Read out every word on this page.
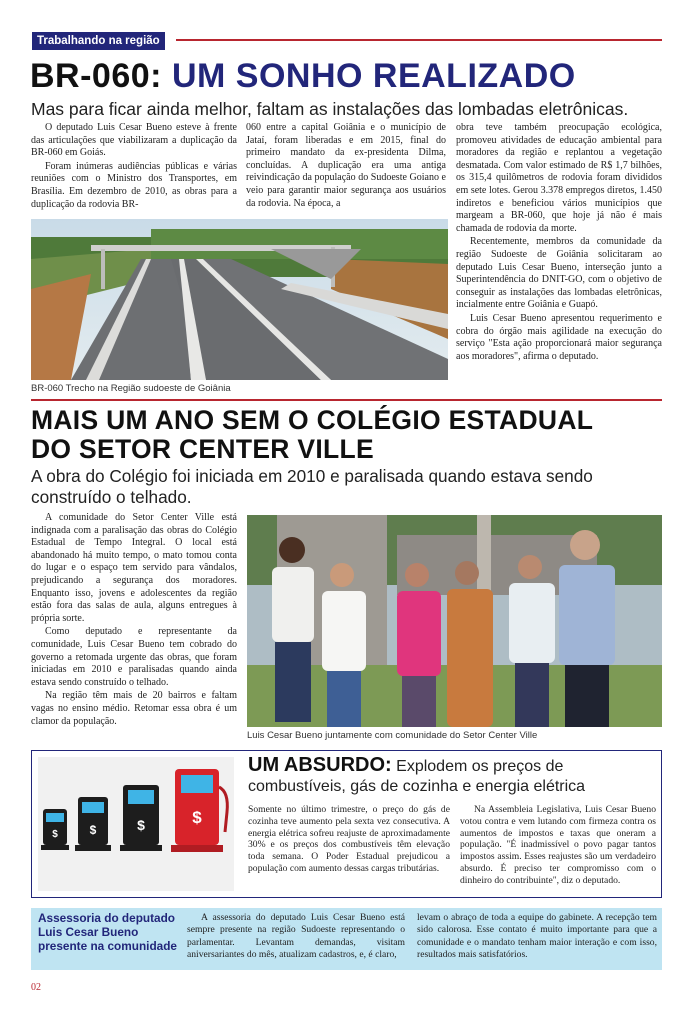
Trabalhando na região
BR-060: UM SONHO REALIZADO
Mas para ficar ainda melhor, faltam as instalações das lombadas eletrônicas.

O deputado Luis Cesar Bueno esteve à frente das articulações que viabilizaram a duplicação da BR-060 em Goiás.

Foram inúmeras audiências públicas e várias reuniões com o Ministro dos Transportes, em Brasília. Em dezembro de 2010, as obras para a duplicação da rodovia BR-

060 entre a capital Goiânia e o município de Jataí, foram liberadas e em 2015, final do primeiro mandato da ex-presidenta Dilma, concluídas. A duplicação era uma antiga reivindicação da população do Sudoeste Goiano e veio para garantir maior segurança aos usuários da rodovia. Na época, a

obra teve também preocupação ecológica, promoveu atividades de educação ambiental para moradores da região e replantou a vegetação desmatada. Com valor estimado de R$ 1,7 bilhões, os 315,4 quilômetros de rodovia foram divididos em sete lotes. Gerou 3.378 empregos diretos, 1.450 indiretos e beneficiou vários municípios que margeam a BR-060, que hoje já não é mais chamada de rodovia da morte.

Recentemente, membros da comunidade da região Sudoeste de Goiânia solicitaram ao deputado Luis Cesar Bueno, interseção junto a Superintendência do DNIT-GO, com o objetivo de conseguir as instalações das lombadas eletrônicas, incialmente entre Goiânia e Guapó.

Luis Cesar Bueno apresentou requerimento e cobra do órgão mais agilidade na execução do serviço "Esta ação proporcionará maior segurança aos moradores", afirma o deputado.

BR-060 Trecho na Região sudoeste de Goiânia
MAIS UM ANO SEM O COLÉGIO ESTADUAL
DO SETOR CENTER VILLE
A obra do Colégio foi iniciada em 2010 e paralisada quando estava sendo construído o telhado.

A comunidade do Setor Center Ville está indignada com a paralisação das obras do Colégio Estadual de Tempo Integral. O local está abandonado há muito tempo, o mato tomou conta do lugar e o espaço tem servido para vândalos, prejudicando a segurança dos moradores. Enquanto isso, jovens e adolescentes da região estão fora das salas de aula, alguns entregues à própria sorte.

Como deputado e representante da comunidade, Luis Cesar Bueno tem cobrado do governo a retomada urgente das obras, que foram iniciadas em 2010 e paralisadas quando ainda estava sendo construído o telhado.

Na região têm mais de 20 bairros e faltam vagas no ensino médio. Retomar essa obra é um clamor da população.

Luis Cesar Bueno juntamente com comunidade do Setor Center Ville
$	$	$	$
UM ABSURDO: Explodem os preços de
combustíveis, gás de cozinha e energia elétrica
Somente no último trimestre, o preço do gás de cozinha teve aumento pela sexta vez consecutiva. A energia elétrica sofreu reajuste de aproximadamente 30% e os preços dos combustíveis têm elevação toda semana. O Poder Estadual prejudicou a população com aumento dessas cargas tributárias.
Na Assembleia Legislativa, Luis Cesar Bueno votou contra e vem lutando com firmeza contra os aumentos de impostos e taxas que oneram a população. "É inadmissível o povo pagar tantos impostos assim. Esses reajustes são um verdadeiro absurdo. É preciso ter compromisso com o dinheiro do contribuinte", diz o deputado.
Assessoria do deputado Luis Cesar Bueno presente na comunidade
A assessoria do deputado Luis Cesar Bueno está sempre presente na região Sudoeste representando o parlamentar. Levantam demandas, visitam aniversariantes do mês, atualizam cadastros, e, é claro,
levam o abraço de toda a equipe do gabinete. A recepção tem sido calorosa. Esse contato é muito importante para que a comunidade e o mandato tenham maior interação e com isso, resultados mais satisfatórios.
02
